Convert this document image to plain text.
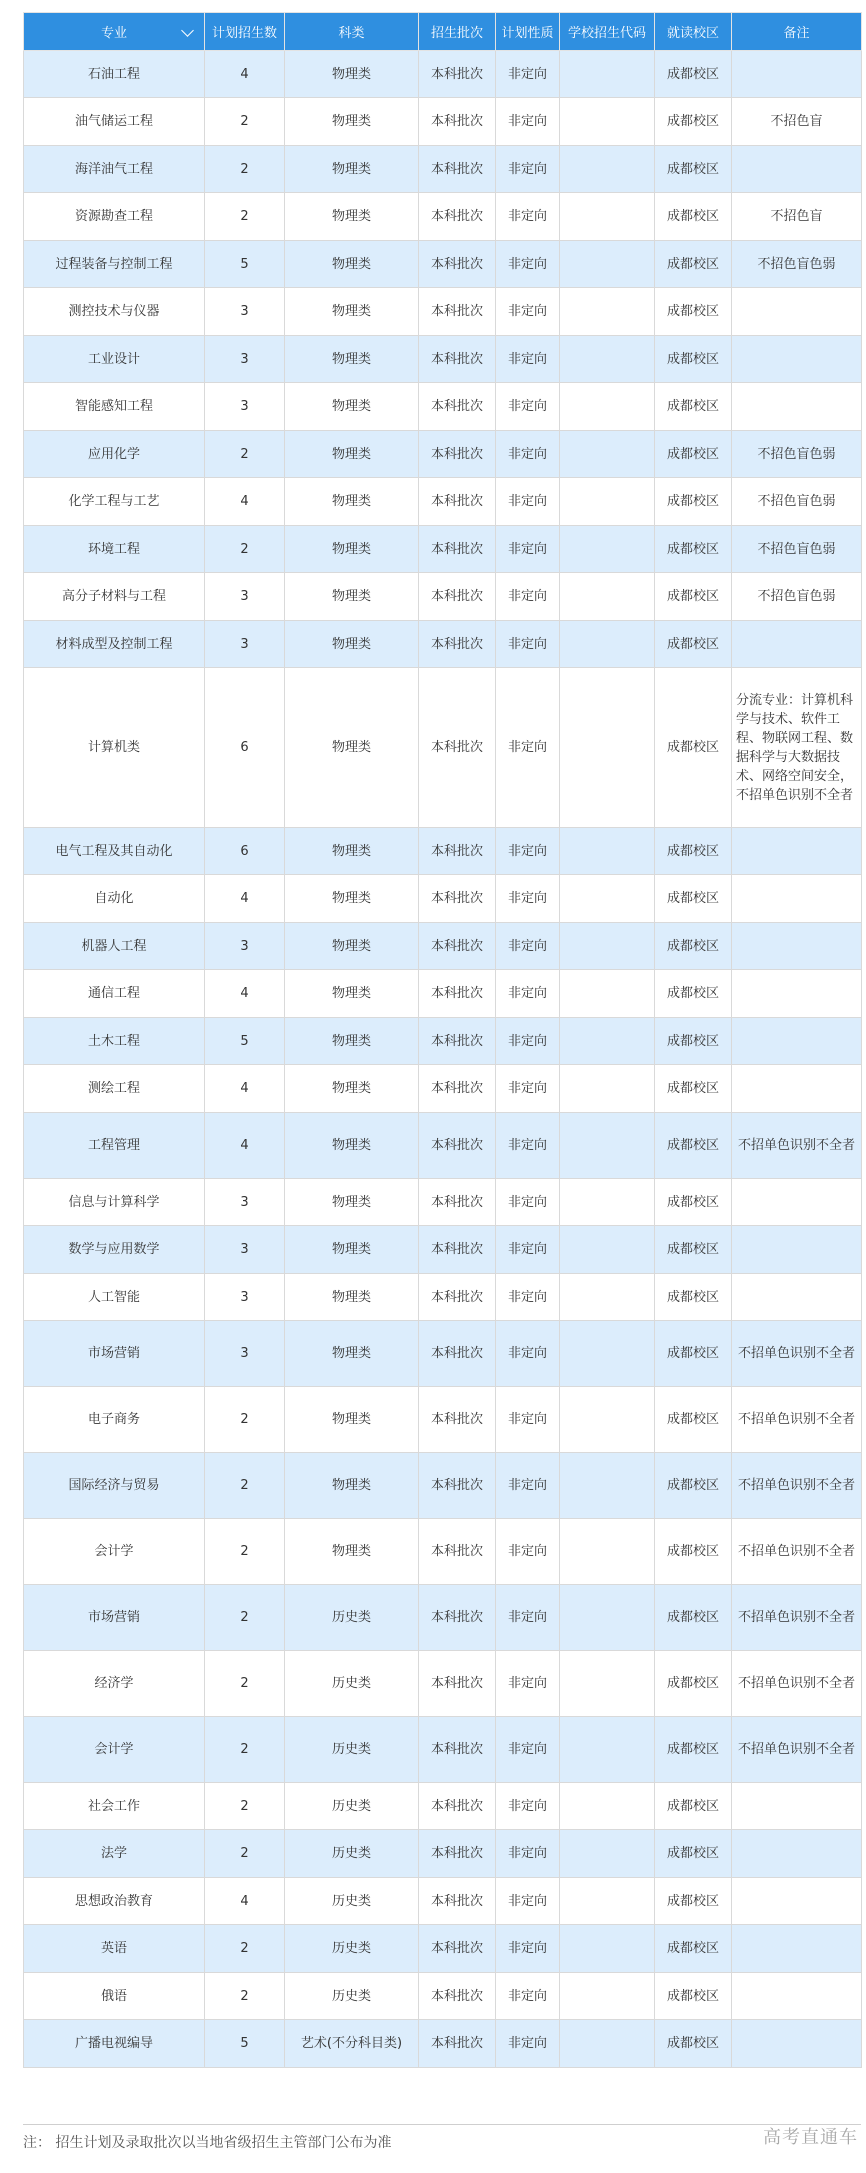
专业	计划招生数	科类	招生批次	计划性质	学校招生代码	就读校区	备注
石油工程	4	物理类	本科批次	非定向		成都校区	
油气储运工程	2	物理类	本科批次	非定向		成都校区	不招色盲
海洋油气工程	2	物理类	本科批次	非定向		成都校区	
资源勘查工程	2	物理类	本科批次	非定向		成都校区	不招色盲
过程装备与控制工程	5	物理类	本科批次	非定向		成都校区	不招色盲色弱
测控技术与仪器	3	物理类	本科批次	非定向		成都校区	
工业设计	3	物理类	本科批次	非定向		成都校区	
智能感知工程	3	物理类	本科批次	非定向		成都校区	
应用化学	2	物理类	本科批次	非定向		成都校区	不招色盲色弱
化学工程与工艺	4	物理类	本科批次	非定向		成都校区	不招色盲色弱
环境工程	2	物理类	本科批次	非定向		成都校区	不招色盲色弱
高分子材料与工程	3	物理类	本科批次	非定向		成都校区	不招色盲色弱
材料成型及控制工程	3	物理类	本科批次	非定向		成都校区	
计算机类	6	物理类	本科批次	非定向		成都校区	分流专业：计算机科学与技术、软件工程、物联网工程、数据科学与大数据技术、网络空间安全，不招单色识别不全者
电气工程及其自动化	6	物理类	本科批次	非定向		成都校区	
自动化	4	物理类	本科批次	非定向		成都校区	
机器人工程	3	物理类	本科批次	非定向		成都校区	
通信工程	4	物理类	本科批次	非定向		成都校区	
土木工程	5	物理类	本科批次	非定向		成都校区	
测绘工程	4	物理类	本科批次	非定向		成都校区	
工程管理	4	物理类	本科批次	非定向		成都校区	不招单色识别不全者
信息与计算科学	3	物理类	本科批次	非定向		成都校区	
数学与应用数学	3	物理类	本科批次	非定向		成都校区	
人工智能	3	物理类	本科批次	非定向		成都校区	
市场营销	3	物理类	本科批次	非定向		成都校区	不招单色识别不全者
电子商务	2	物理类	本科批次	非定向		成都校区	不招单色识别不全者
国际经济与贸易	2	物理类	本科批次	非定向		成都校区	不招单色识别不全者
会计学	2	物理类	本科批次	非定向		成都校区	不招单色识别不全者
市场营销	2	历史类	本科批次	非定向		成都校区	不招单色识别不全者
经济学	2	历史类	本科批次	非定向		成都校区	不招单色识别不全者
会计学	2	历史类	本科批次	非定向		成都校区	不招单色识别不全者
社会工作	2	历史类	本科批次	非定向		成都校区	
法学	2	历史类	本科批次	非定向		成都校区	
思想政治教育	4	历史类	本科批次	非定向		成都校区	
英语	2	历史类	本科批次	非定向		成都校区	
俄语	2	历史类	本科批次	非定向		成都校区	
广播电视编导	5	艺术(不分科目类)	本科批次	非定向		成都校区	
注： 招生计划及录取批次以当地省级招生主管部门公布为准	高考直通车
